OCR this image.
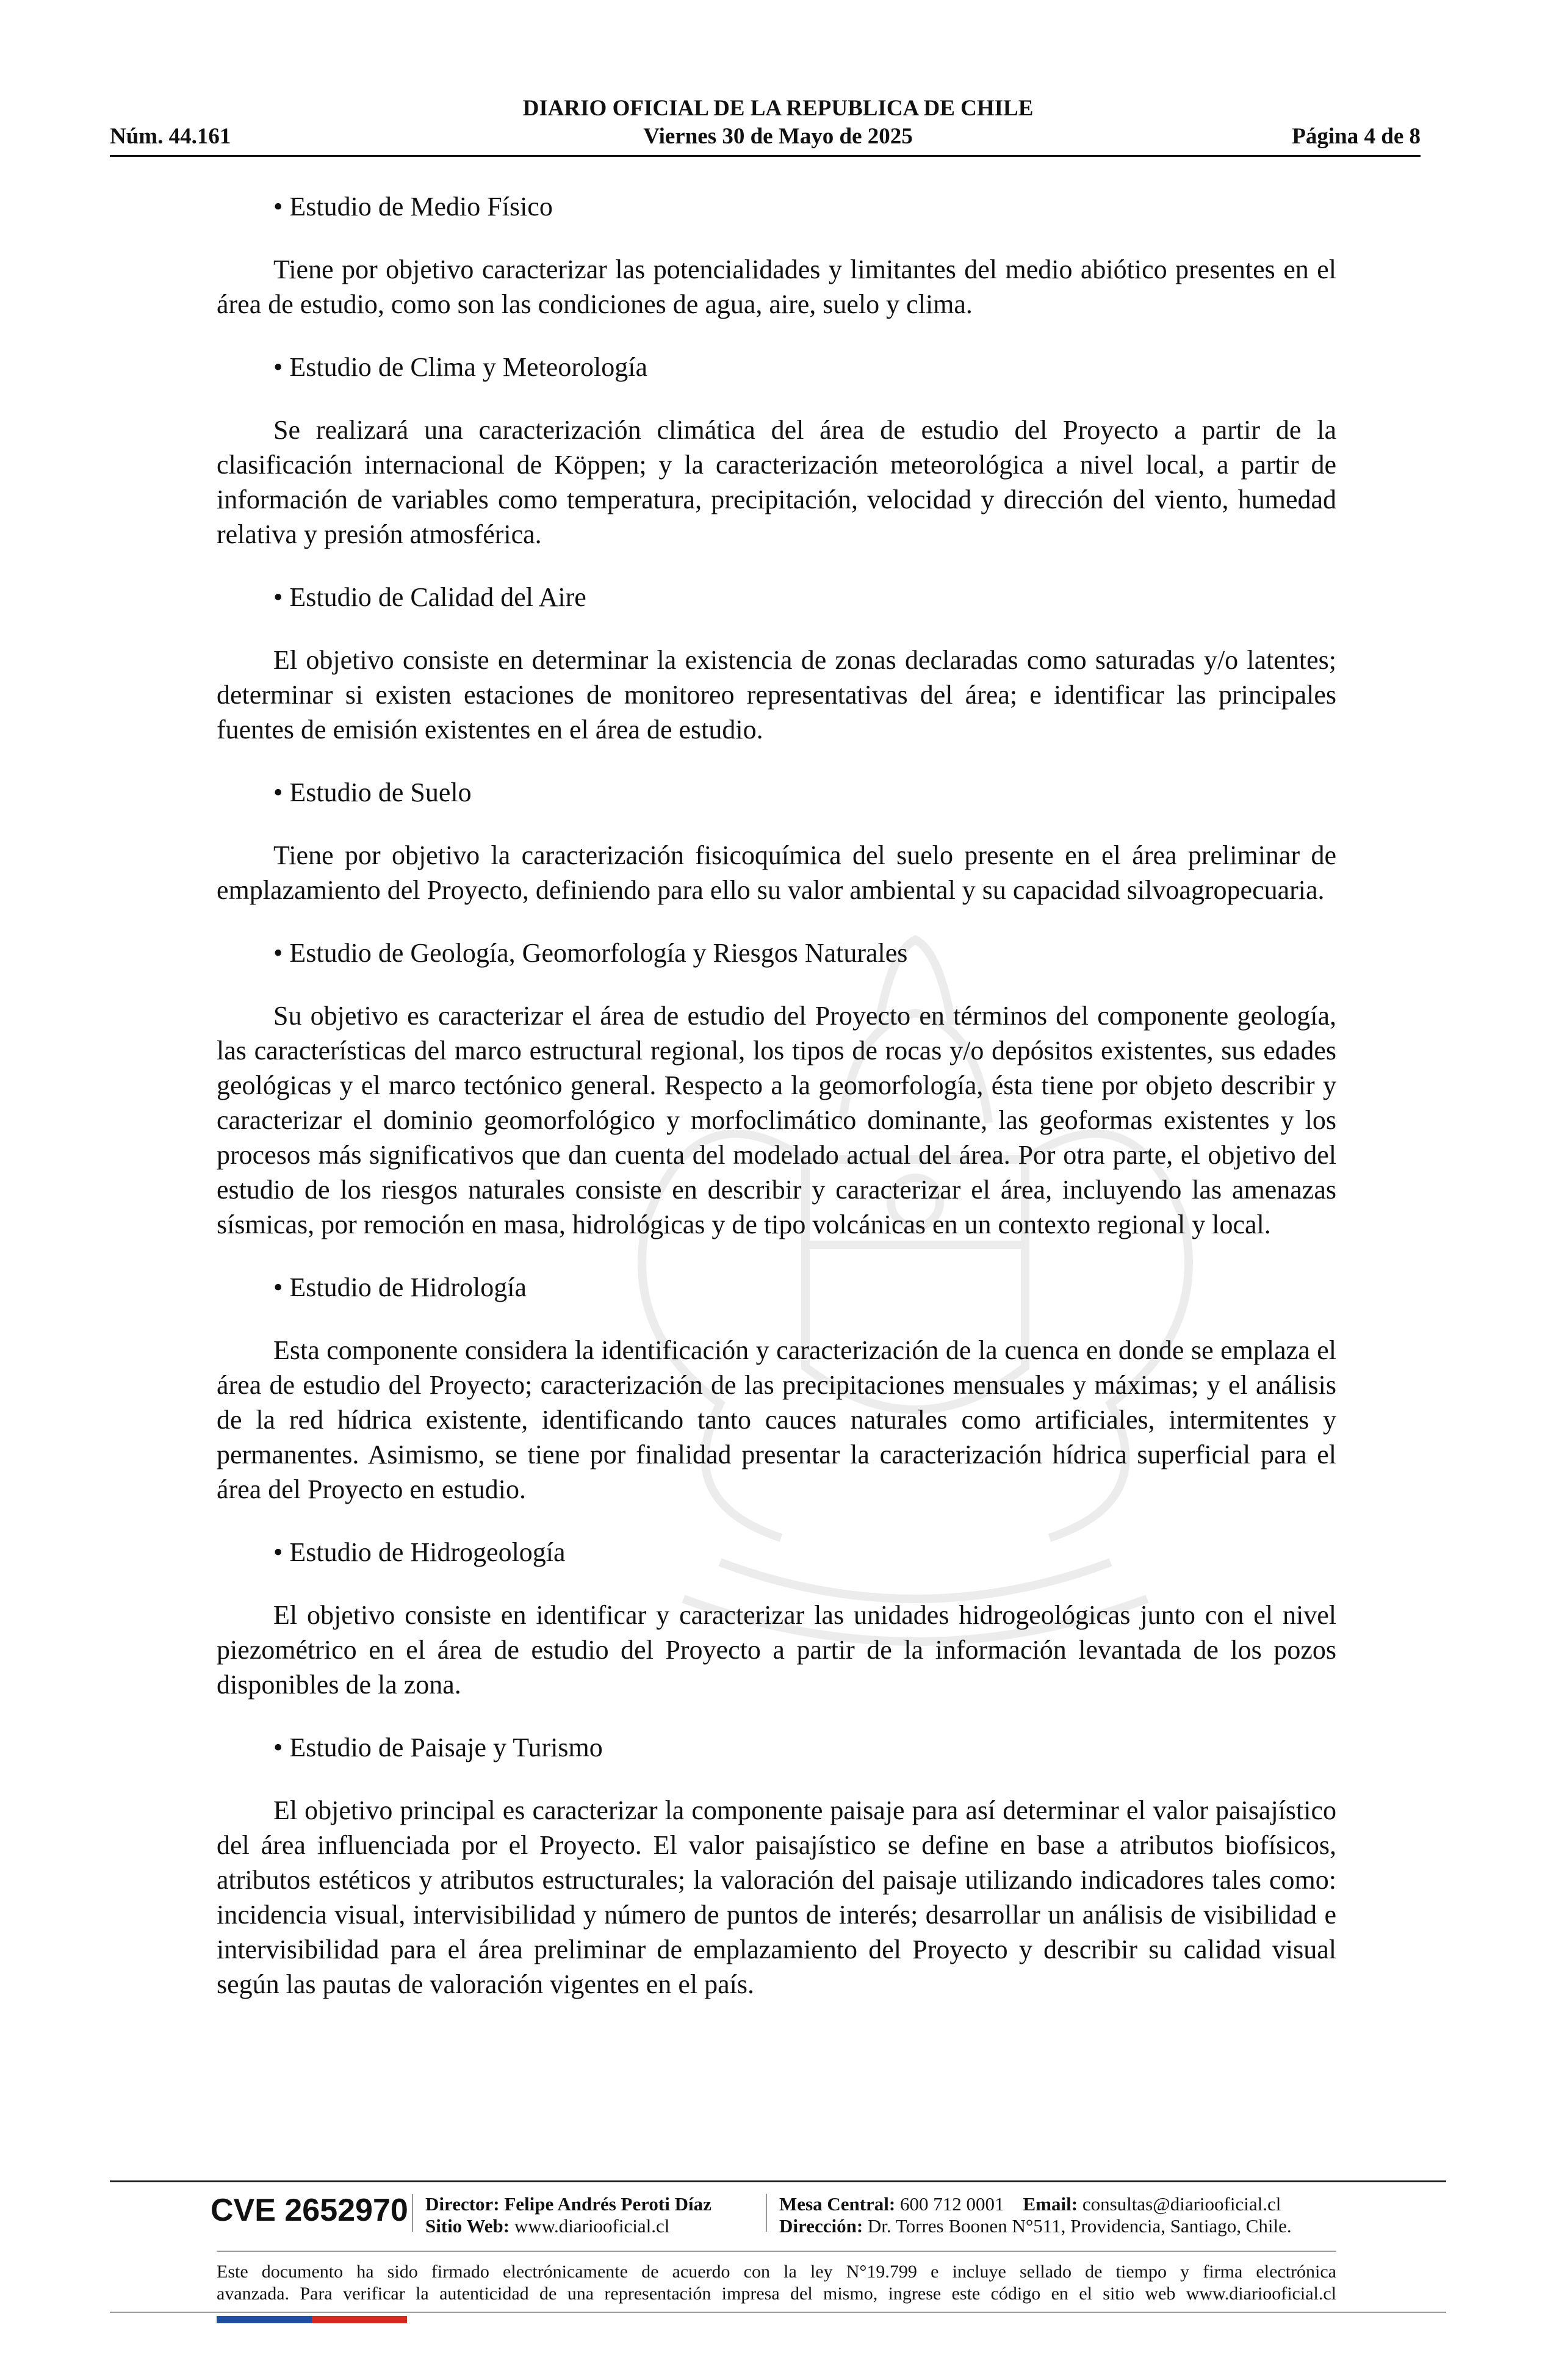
DIARIO OFICIAL DE LA REPUBLICA DE CHILE
Viernes 30 de Mayo de 2025
Núm. 44.161	Página 4 de 8

• Estudio de Medio Físico

Tiene por objetivo caracterizar las potencialidades y limitantes del medio abiótico presentes en el área de estudio, como son las condiciones de agua, aire, suelo y clima.

• Estudio de Clima y Meteorología

Se realizará una caracterización climática del área de estudio del Proyecto a partir de la clasificación internacional de Köppen; y la caracterización meteorológica a nivel local, a partir de información de variables como temperatura, precipitación, velocidad y dirección del viento, humedad relativa y presión atmosférica.

• Estudio de Calidad del Aire

El objetivo consiste en determinar la existencia de zonas declaradas como saturadas y/o latentes; determinar si existen estaciones de monitoreo representativas del área; e identificar las principales fuentes de emisión existentes en el área de estudio.

• Estudio de Suelo

Tiene por objetivo la caracterización fisicoquímica del suelo presente en el área preliminar de emplazamiento del Proyecto, definiendo para ello su valor ambiental y su capacidad silvoagropecuaria.

• Estudio de Geología, Geomorfología y Riesgos Naturales

Su objetivo es caracterizar el área de estudio del Proyecto en términos del componente geología, las características del marco estructural regional, los tipos de rocas y/o depósitos existentes, sus edades geológicas y el marco tectónico general. Respecto a la geomorfología, ésta tiene por objeto describir y caracterizar el dominio geomorfológico y morfoclimático dominante, las geoformas existentes y los procesos más significativos que dan cuenta del modelado actual del área. Por otra parte, el objetivo del estudio de los riesgos naturales consiste en describir y caracterizar el área, incluyendo las amenazas sísmicas, por remoción en masa, hidrológicas y de tipo volcánicas en un contexto regional y local.

• Estudio de Hidrología

Esta componente considera la identificación y caracterización de la cuenca en donde se emplaza el área de estudio del Proyecto; caracterización de las precipitaciones mensuales y máximas; y el análisis de la red hídrica existente, identificando tanto cauces naturales como artificiales, intermitentes y permanentes. Asimismo, se tiene por finalidad presentar la caracterización hídrica superficial para el área del Proyecto en estudio.

• Estudio de Hidrogeología

El objetivo consiste en identificar y caracterizar las unidades hidrogeológicas junto con el nivel piezométrico en el área de estudio del Proyecto a partir de la información levantada de los pozos disponibles de la zona.

• Estudio de Paisaje y Turismo

El objetivo principal es caracterizar la componente paisaje para así determinar el valor paisajístico del área influenciada por el Proyecto. El valor paisajístico se define en base a atributos biofísicos, atributos estéticos y atributos estructurales; la valoración del paisaje utilizando indicadores tales como: incidencia visual, intervisibilidad y número de puntos de interés; desarrollar un análisis de visibilidad e intervisibilidad para el área preliminar de emplazamiento del Proyecto y describir su calidad visual según las pautas de valoración vigentes en el país.

CVE 2652970 Director: Felipe Andrés Peroti Díaz
Sitio Web: www.diariooficial.cl
Mesa Central: 600 712 0001 Email: consultas@diariooficial.cl
Dirección: Dr. Torres Boonen N°511, Providencia, Santiago, Chile.
Este documento ha sido firmado electrónicamente de acuerdo con la ley N°19.799 e incluye sellado de tiempo y firma electrónica
avanzada. Para verificar la autenticidad de una representación impresa del mismo, ingrese este código en el sitio web www.diariooficial.cl
